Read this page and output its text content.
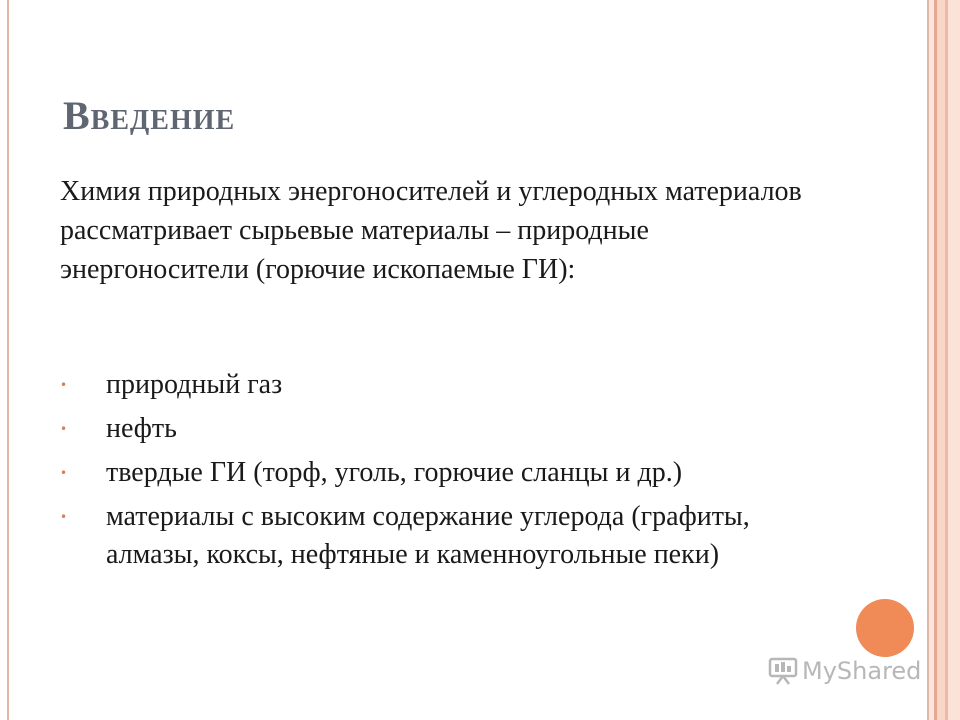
Введение

Химия природных энергоносителей и углеродных материалов рассматривает сырьевые материалы – природные энергоносители (горючие ископаемые ГИ):

• природный газ
• нефть
• твердые ГИ (торф, уголь, горючие сланцы и др.)
• материалы с высоким содержание углерода (графиты, алмазы, коксы, нефтяные и каменноугольные пеки)
MyShared
